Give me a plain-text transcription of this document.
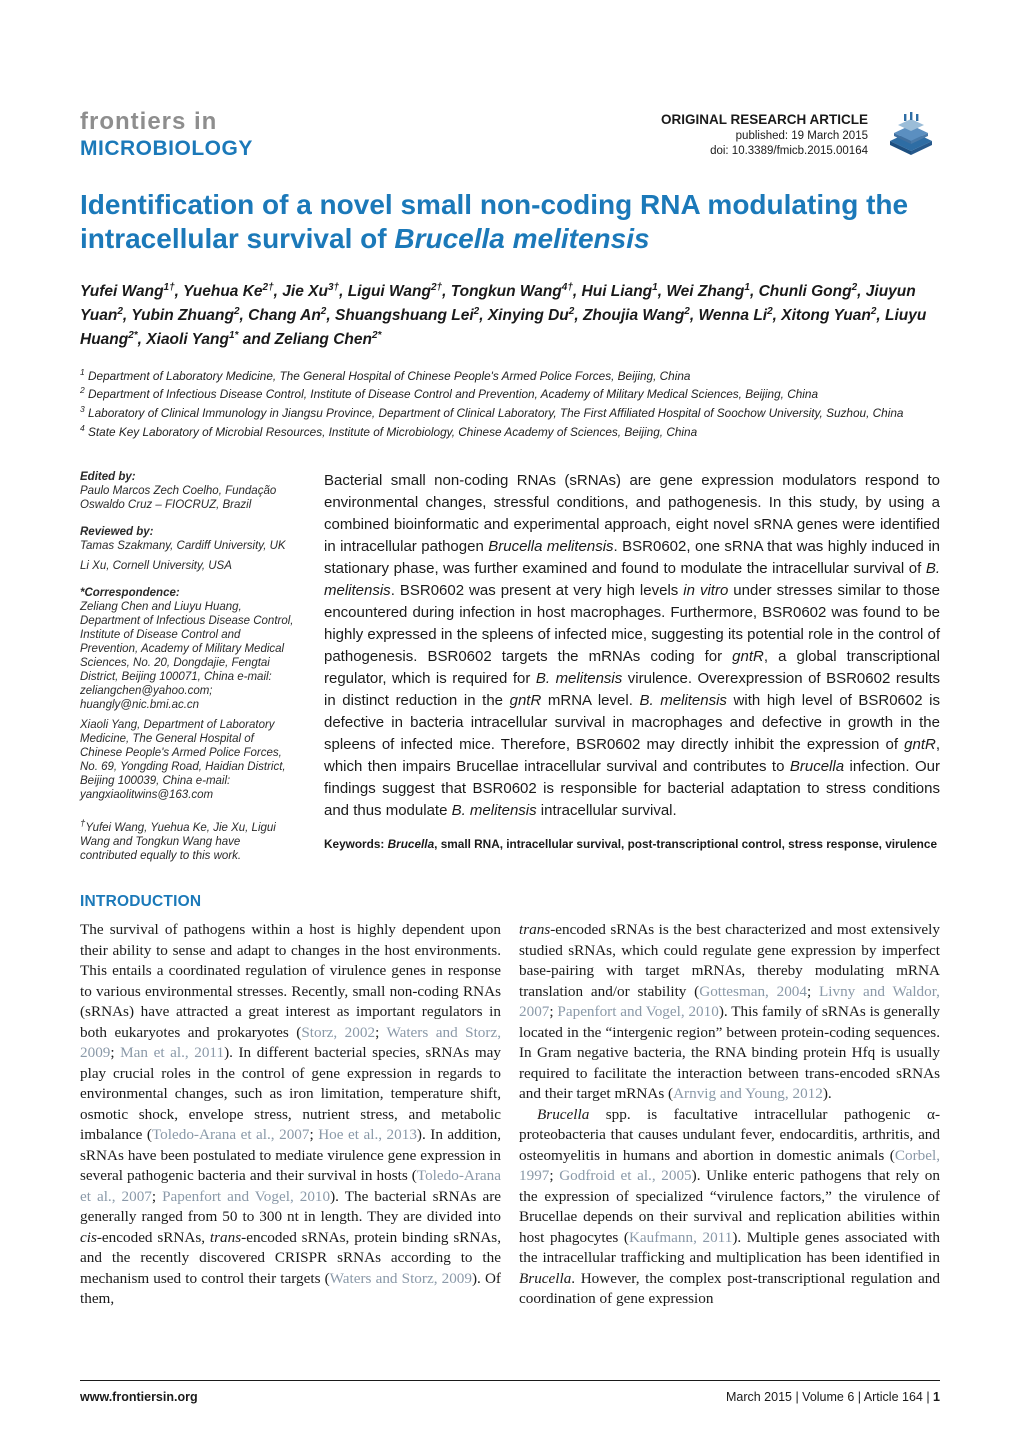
frontiers in
MICROBIOLOGY
ORIGINAL RESEARCH ARTICLE
published: 19 March 2015
doi: 10.3389/fmicb.2015.00164
Identification of a novel small non-coding RNA modulating the intracellular survival of Brucella melitensis
Yufei Wang$^{1\dagger}$, Yuehua $Ke^{2\dagger}$, Jie $Xu^{3\dagger}$, Ligui Wang$^{2\dagger}$, Tongkun Wang$^{4\dagger}$, Hui Liang$^1$, Wei Zhang$^1$, Chunli Gong$^2$, Jiuyun Yuan$^2$, Yubin Zhuang$^2$, Chang An$^2$, Shuangshuang Lei$^2$, Xinying Du$^2$, Zhoujia Wang$^2$, Wenna Li$^2$, Xitong Yuan$^2$, Liuyu Huang$^{2*}$, Xiaoli Yang$^{1*}$ and Zeliang Chen$^{2*}$
$^1$ Department of Laboratory Medicine, The General Hospital of Chinese People's Armed Police Forces, Beijing, China
$^2$ Department of Infectious Disease Control, Institute of Disease Control and Prevention, Academy of Military Medical Sciences, Beijing, China
$^3$ Laboratory of Clinical Immunology in Jiangsu Province, Department of Clinical Laboratory, The First Affiliated Hospital of Soochow University, Suzhou, China
$^4$ State Key Laboratory of Microbial Resources, Institute of Microbiology, Chinese Academy of Sciences, Beijing, China
Edited by:
Paulo Marcos Zech Coelho, Fundação Oswaldo Cruz – FIOCRUZ, Brazil
Reviewed by:
Tamas Szakmany, Cardiff University, UK
Li Xu, Cornell University, USA
*Correspondence:
Zeliang Chen and Liuyu Huang, Department of Infectious Disease Control, Institute of Disease Control and Prevention, Academy of Military Medical Sciences, No. 20, Dongdajie, Fengtai District, Beijing 100071, China e-mail: zeliangchen@yahoo.com; huangly@nic.bmi.ac.cn
Xiaoli Yang, Department of Laboratory Medicine, The General Hospital of Chinese People's Armed Police Forces, No. 69, Yongding Road, Haidian District, Beijing 100039, China e-mail: yangxiaolitwins@163.com
†Yufei Wang, Yuehua Ke, Jie Xu, Ligui Wang and Tongkun Wang have contributed equally to this work.

Bacterial small non-coding RNAs (sRNAs) are gene expression modulators respond to environmental changes, stressful conditions, and pathogenesis. In this study, by using a combined bioinformatic and experimental approach, eight novel sRNA genes were identified in intracellular pathogen Brucella melitensis. BSR0602, one sRNA that was highly induced in stationary phase, was further examined and found to modulate the intracellular survival of B. melitensis. BSR0602 was present at very high levels in vitro under stresses similar to those encountered during infection in host macrophages. Furthermore, BSR0602 was found to be highly expressed in the spleens of infected mice, suggesting its potential role in the control of pathogenesis. BSR0602 targets the mRNAs coding for gntR, a global transcriptional regulator, which is required for B. melitensis virulence. Overexpression of BSR0602 results in distinct reduction in the gntR mRNA level. B. melitensis with high level of BSR0602 is defective in bacteria intracellular survival in macrophages and defective in growth in the spleens of infected mice. Therefore, BSR0602 may directly inhibit the expression of gntR, which then impairs Brucellae intracellular survival and contributes to Brucella infection. Our findings suggest that BSR0602 is responsible for bacterial adaptation to stress conditions and thus modulate B. melitensis intracellular survival.

Keywords: Brucella, small RNA, intracellular survival, post-transcriptional control, stress response, virulence

INTRODUCTION

The survival of pathogens within a host is highly dependent upon their ability to sense and adapt to changes in the host environments. This entails a coordinated regulation of virulence genes in response to various environmental stresses. Recently, small non-coding RNAs (sRNAs) have attracted a great interest as important regulators in both eukaryotes and prokaryotes (Storz, 2002; Waters and Storz, 2009; Man et al., 2011). In different bacterial species, sRNAs may play crucial roles in the control of gene expression in regards to environmental changes, such as iron limitation, temperature shift, osmotic shock, envelope stress, nutrient stress, and metabolic imbalance (Toledo-Arana et al., 2007; Hoe et al., 2013). In addition, sRNAs have been postulated to mediate virulence gene expression in several pathogenic bacteria and their survival in hosts (Toledo-Arana et al., 2007; Papenfort and Vogel, 2010). The bacterial sRNAs are generally ranged from 50 to 300 nt in length. They are divided into cis-encoded sRNAs, trans-encoded sRNAs, protein binding sRNAs, and the recently discovered CRISPR sRNAs according to the mechanism used to control their targets (Waters and Storz, 2009). Of them,

trans-encoded sRNAs is the best characterized and most extensively studied sRNAs, which could regulate gene expression by imperfect base-pairing with target mRNAs, thereby modulating mRNA translation and/or stability (Gottesman, 2004; Livny and Waldor, 2007; Papenfort and Vogel, 2010). This family of sRNAs is generally located in the “intergenic region” between protein-coding sequences. In Gram negative bacteria, the RNA binding protein Hfq is usually required to facilitate the interaction between trans-encoded sRNAs and their target mRNAs (Arnvig and Young, 2012).

Brucella spp. is facultative intracellular pathogenic α-proteobacteria that causes undulant fever, endocarditis, arthritis, and osteomyelitis in humans and abortion in domestic animals (Corbel, 1997; Godfroid et al., 2005). Unlike enteric pathogens that rely on the expression of specialized “virulence factors,” the virulence of Brucellae depends on their survival and replication abilities within host phagocytes (Kaufmann, 2011). Multiple genes associated with the intracellular trafficking and multiplication has been identified in Brucella. However, the complex post-transcriptional regulation and coordination of gene expression

www.frontiersin.org	March 2015 | Volume 6 | Article 164 | 1
